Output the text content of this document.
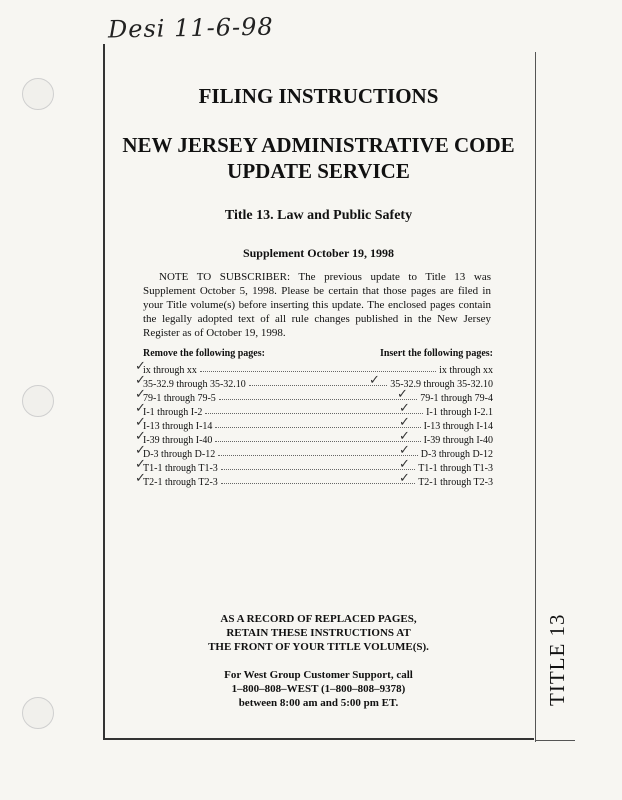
Desi 11-6-98
TITLE 13
FILING INSTRUCTIONS
NEW JERSEY ADMINISTRATIVE CODE
UPDATE SERVICE
Title 13. Law and Public Safety
Supplement October 19, 1998
NOTE TO SUBSCRIBER: The previous update to Title 13 was Supplement October 5, 1998. Please be certain that those pages are filed in your Title volume(s) before inserting this update. The enclosed pages contain the legally adopted text of all rule changes published in the New Jersey Register as of October 19, 1998.
Remove the following pages:	Insert the following pages:
ix through xx	ix through xx
35-32.9 through 35-32.10	35-32.9 through 35-32.10
79-1 through 79-5	79-1 through 79-4
I-1 through I-2	I-1 through I-2.1
I-13 through I-14	I-13 through I-14
I-39 through I-40	I-39 through I-40
D-3 through D-12	D-3 through D-12
T1-1 through T1-3	T1-1 through T1-3
T2-1 through T2-3	T2-1 through T2-3
✓
✓
✓
✓
✓
✓
✓
✓
✓
✓
✓
✓
✓
✓
✓
✓
✓
AS A RECORD OF REPLACED PAGES,
RETAIN THESE INSTRUCTIONS AT
THE FRONT OF YOUR TITLE VOLUME(S).
For West Group Customer Support, call
1–800–808–WEST (1–800–808–9378)
between 8:00 am and 5:00 pm ET.
